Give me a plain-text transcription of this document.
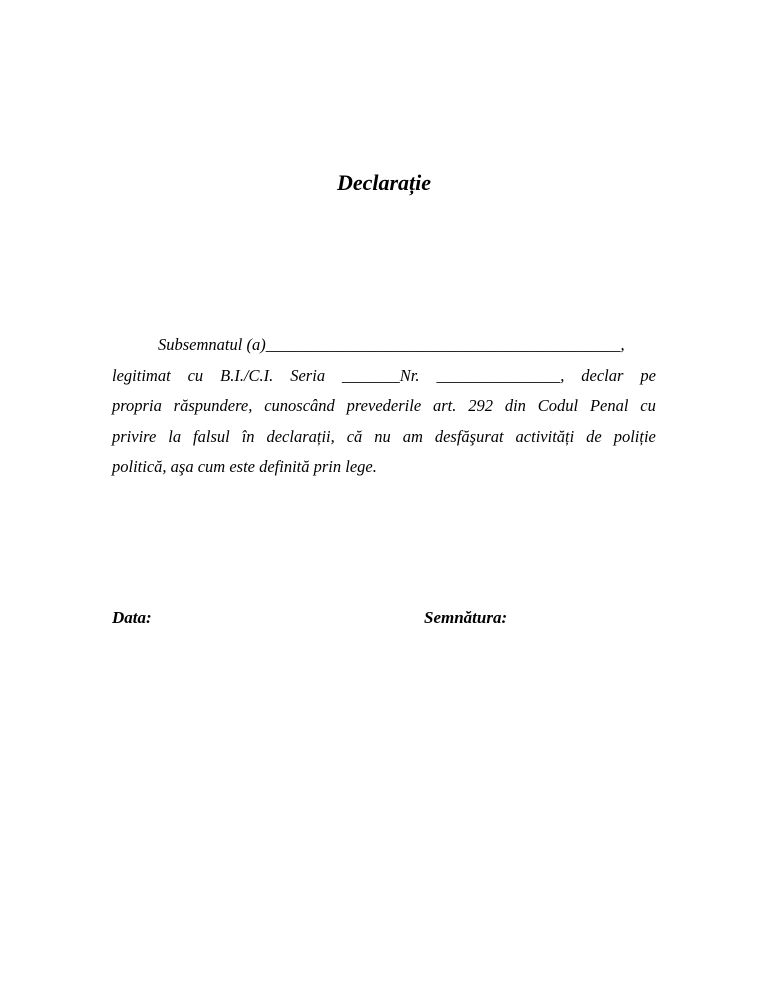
Declarație
Subsemnatul (a)___________________________________________,
legitimat cu B.I./C.I. Seria _______Nr. _______________, declar pe
propria răspundere, cunoscând prevederile art. 292 din Codul Penal cu
privire la falsul în declarații, că nu am desfăşurat activități de poliție
politică, aşa cum este definită prin lege.
Data:	Semnătura:
